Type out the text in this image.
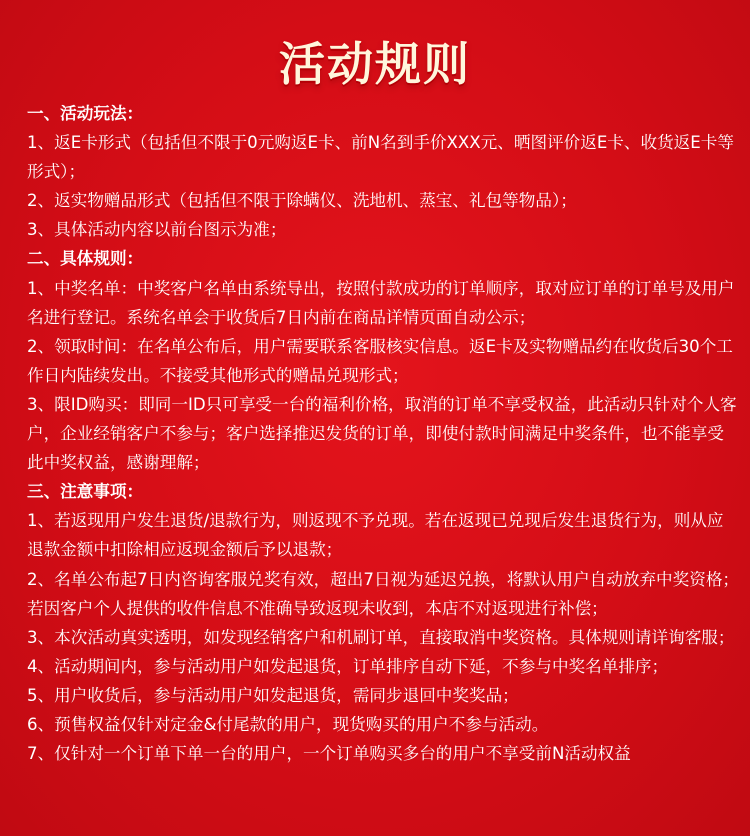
活动规则

一、活动玩法：

1、返E卡形式（包括但不限于0元购返E卡、前N名到手价XXX元、晒图评价返E卡、收货返E卡等形式）；

2、返实物赠品形式（包括但不限于除螨仪、洗地机、蒸宝、礼包等物品）；

3、具体活动内容以前台图示为准；

二、具体规则：

1、中奖名单：中奖客户名单由系统导出，按照付款成功的订单顺序，取对应订单的订单号及用户名进行登记。系统名单会于收货后7日内前在商品详情页面自动公示；

2、领取时间：在名单公布后，用户需要联系客服核实信息。返E卡及实物赠品约在收货后30个工作日内陆续发出。不接受其他形式的赠品兑现形式；

3、限ID购买：即同一ID只可享受一台的福利价格，取消的订单不享受权益，此活动只针对个人客户，企业经销客户不参与；客户选择推迟发货的订单，即使付款时间满足中奖条件，也不能享受此中奖权益，感谢理解；

三、注意事项：

1、若返现用户发生退货/退款行为，则返现不予兑现。若在返现已兑现后发生退货行为，则从应退款金额中扣除相应返现金额后予以退款；

2、名单公布起7日内咨询客服兑奖有效，超出7日视为延迟兑换，将默认用户自动放弃中奖资格；若因客户个人提供的收件信息不准确导致返现未收到，本店不对返现进行补偿；

3、本次活动真实透明，如发现经销客户和机刷订单，直接取消中奖资格。具体规则请详询客服；

4、活动期间内，参与活动用户如发起退货，订单排序自动下延，不参与中奖名单排序；

5、用户收货后，参与活动用户如发起退货，需同步退回中奖奖品；

6、预售权益仅针对定金&付尾款的用户，现货购买的用户不参与活动。

7、仅针对一个订单下单一台的用户，一个订单购买多台的用户不享受前N活动权益
